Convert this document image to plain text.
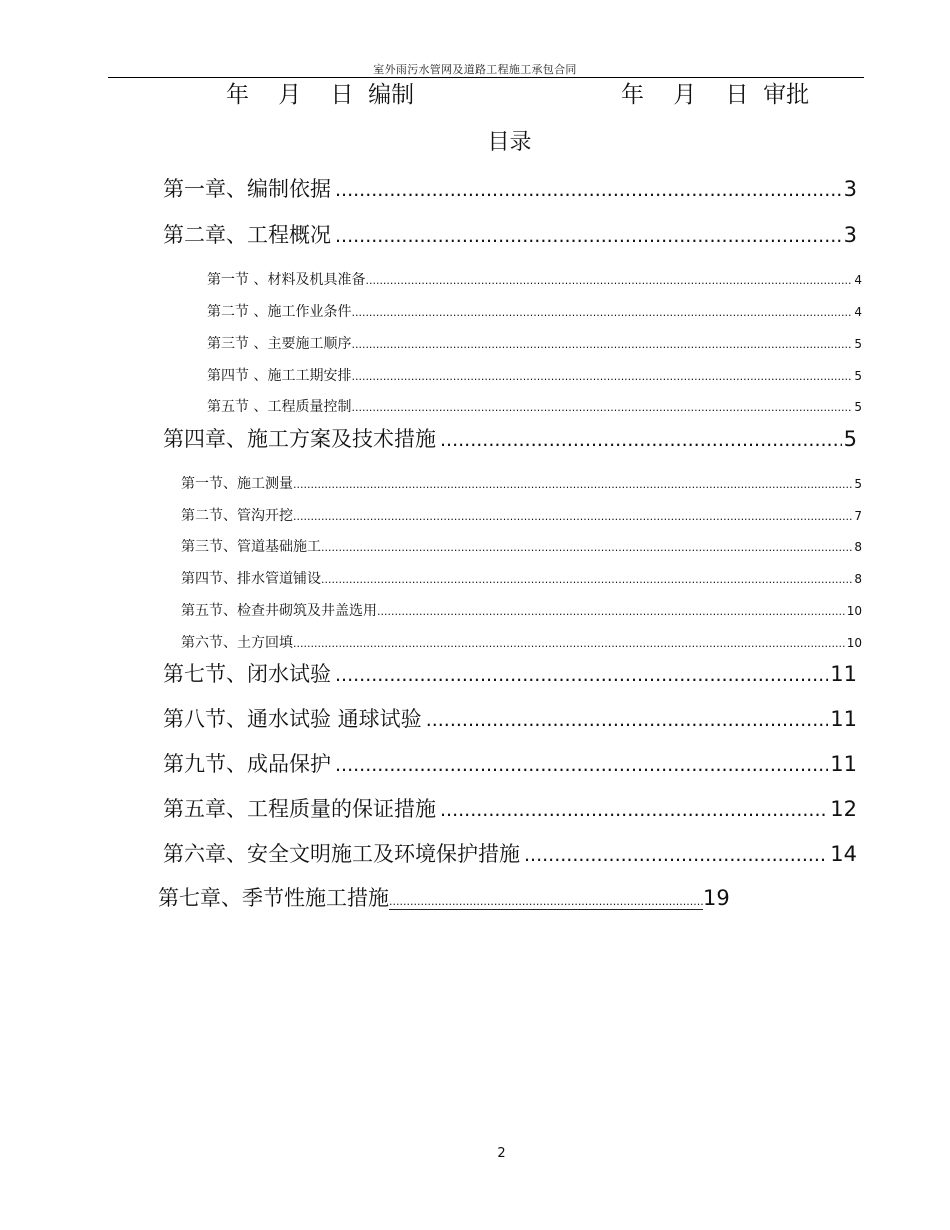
室外雨污水管网及道路工程施工承包合同
年    月    日  编制	年    月    日  审批
目录
第一章、编制依据 .....	3
第二章、工程概况 .....	3
第一节 、材料及机具准备 .....	4
第二节 、施工作业条件 .....	4
第三节 、主要施工顺序 .....	5
第四节 、施工工期安排 .....	5
第五节 、工程质量控制 .....	5
第四章、施工方案及技术措施 .....	5
第一节、施工测量 .....	5
第二节、管沟开挖 .....	7
第三节、管道基础施工 .....	8
第四节、排水管道铺设 .....	8
第五节、检查井砌筑及井盖选用 .....	10
第六节、土方回填 .....	10
第七节、闭水试验 .....	11
第八节、通水试验 通球试验 .....	11
第九节、成品保护 .....	11
第五章、工程质量的保证措施 .....	12
第六章、安全文明施工及环境保护措施 .....	14
第七章、季节性施工措施 .....	19
2
